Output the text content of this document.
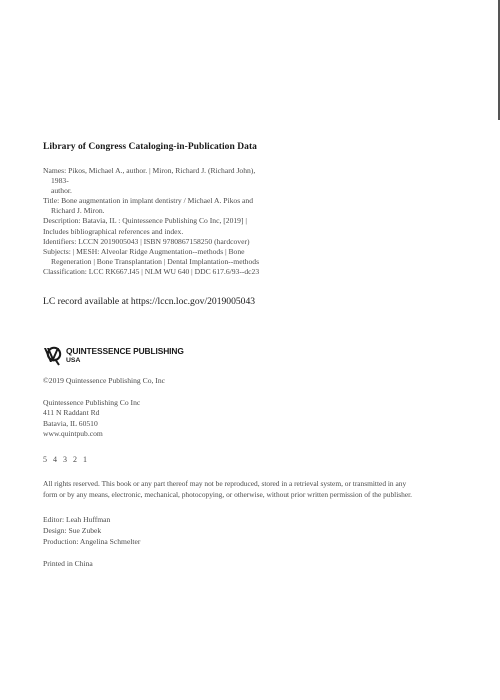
Library of Congress Cataloging-in-Publication Data
Names: Pikos, Michael A., author. | Miron, Richard J. (Richard John),
1983-
author.
Title: Bone augmentation in implant dentistry / Michael A. Pikos and
Richard J. Miron.
Description: Batavia, IL : Quintessence Publishing Co Inc, [2019] |
Includes bibliographical references and index.
Identifiers: LCCN 2019005043 | ISBN 9780867158250 (hardcover)
Subjects: | MESH: Alveolar Ridge Augmentation--methods | Bone
Regeneration | Bone Transplantation | Dental Implantation--methods
Classification: LCC RK667.I45 | NLM WU 640 | DDC 617.6/93--dc23
LC record available at https://lccn.loc.gov/2019005043
QUINTESSENCE PUBLISHING
USA
©2019 Quintessence Publishing Co, Inc
Quintessence Publishing Co Inc
411 N Raddant Rd
Batavia, IL 60510
www.quintpub.com
5 4 3 2 1
All rights reserved. This book or any part thereof may not be reproduced, stored in a retrieval system, or transmitted in any
form or by any means, electronic, mechanical, photocopying, or otherwise, without prior written permission of the publisher.
Editor: Leah Huffman
Design: Sue Zubek
Production: Angelina Schmelter
Printed in China
